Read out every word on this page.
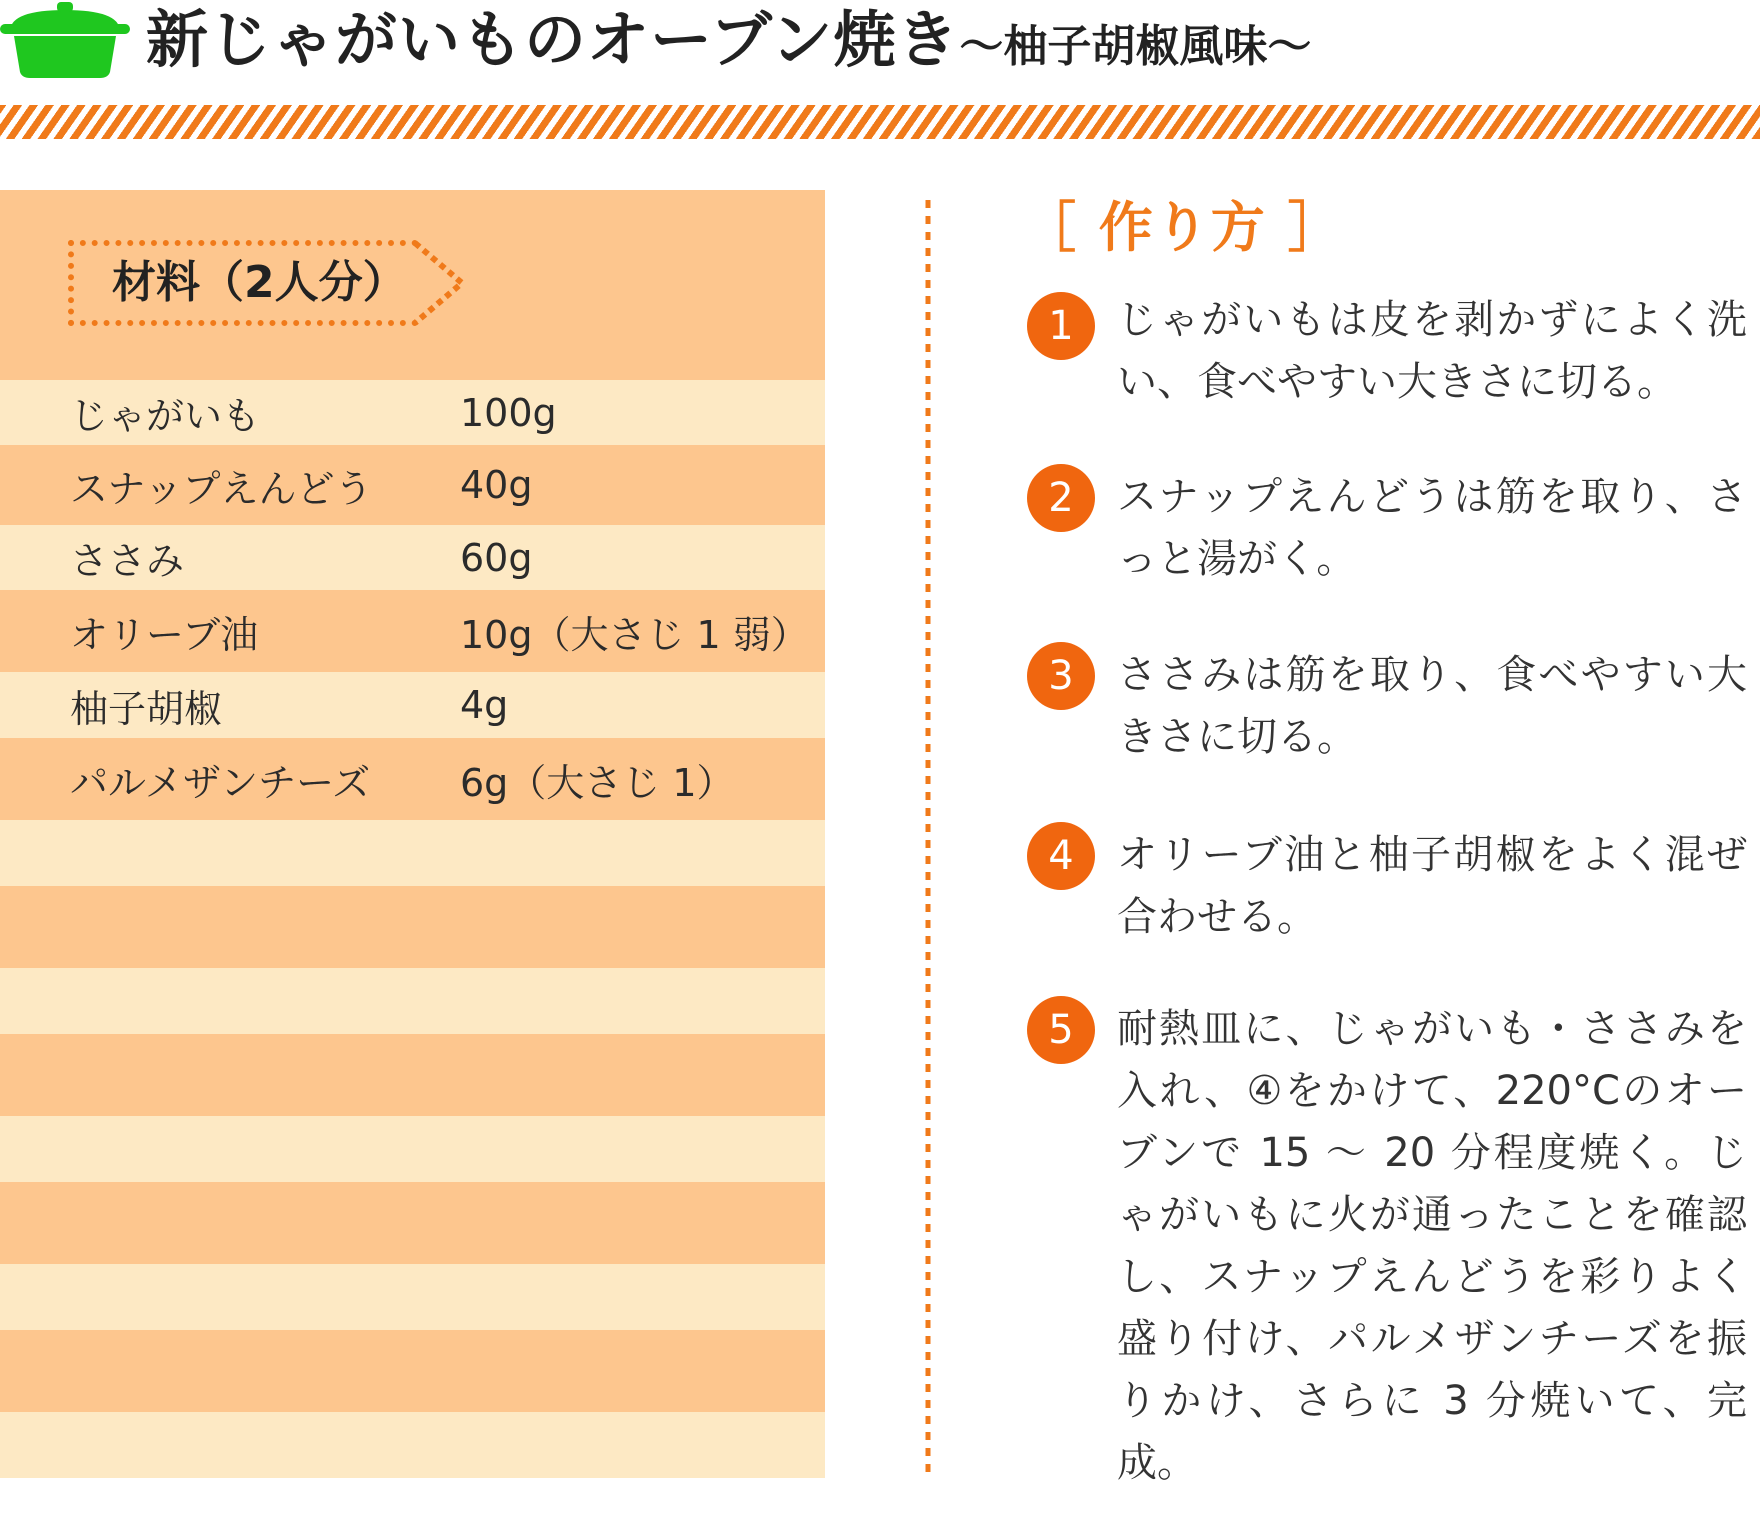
新じゃがいものオーブン焼き〜柚子胡椒風味〜
材料（2人分）
じゃがいも	100g
スナップえんどう 40g
ささみ	60g
オリーブ油	10g（大さじ 1 弱）
柚子胡椒	4g
パルメザンチーズ 6g（大さじ 1）
［ 作り方 ］
1	じゃがいもは皮を剥かずによく洗い、食べやすい大きさに切る。
2	スナップえんどうは筋を取り、さっと湯がく。
3	ささみは筋を取り、食べやすい大きさに切る。
4	オリーブ油と柚子胡椒をよく混ぜ合わせる。
5	耐熱皿に、じゃがいも・ささみを入れ、④をかけて、220°Cのオーブンで 15 〜 20 分程度焼く。じゃがいもに火が通ったことを確認し、スナップえんどうを彩りよく盛り付け、パルメザンチーズを振りかけ、さらに 3 分焼いて、完成。
